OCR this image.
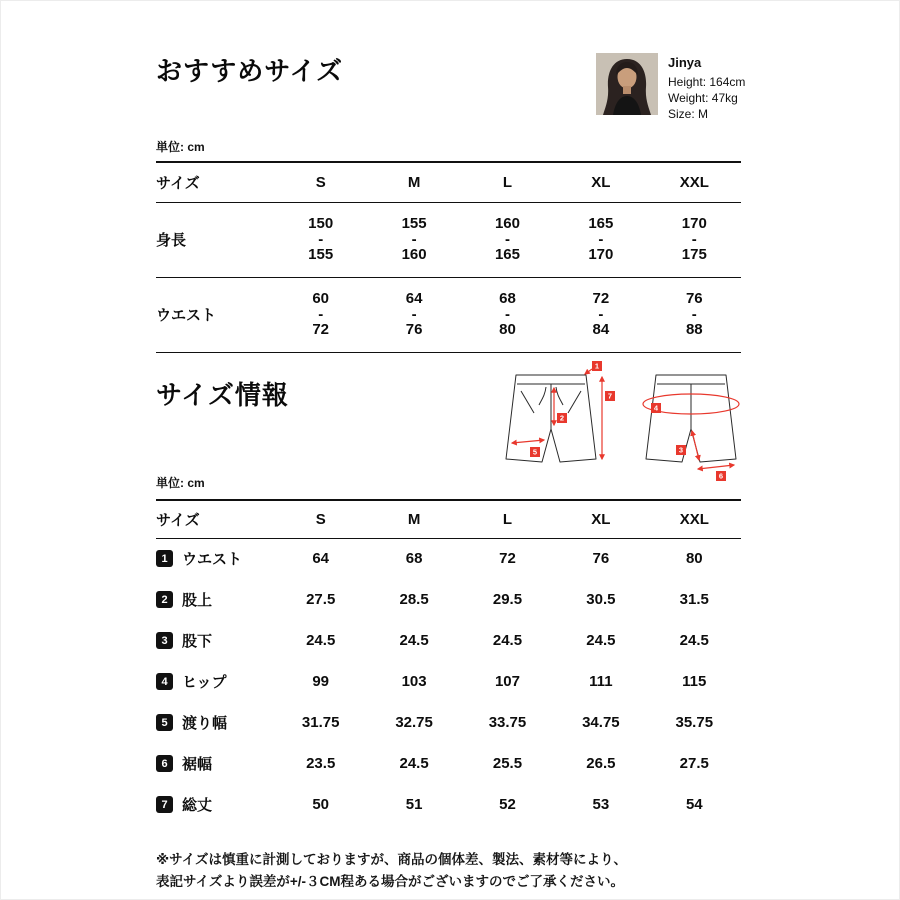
おすすめサイズ	Jinya
Height: 164cm
Weight: 47kg
Size: M
単位: cm
サイズ	S	M	L	XL	XXL
身長	150
-
155	155
-
160	160
-
165	165
-
170	170
-
175

ウエスト	60
-
72	64
-
76	68
-
80	72
-
84	76
-
88
サイズ情報
1
7
2
5
4
3
6
単位: cm
サイズ	S	M	L	XL	XXL

1 ウエスト	64	68	72	76	80

2 股上	27.5	28.5	29.5	30.5	31.5

3 股下	24.5	24.5	24.5	24.5	24.5

4 ヒップ	99	103	107	111	115

5 渡り幅	31.75	32.75	33.75	34.75	35.75

6 裾幅	23.5	24.5	25.5	26.5	27.5

7 総丈	50	51	52	53	54
※サイズは慎重に計測しておりますが、商品の個体差、製法、素材等により、
表記サイズより誤差が+/-３CM程ある場合がございますのでご了承ください。
